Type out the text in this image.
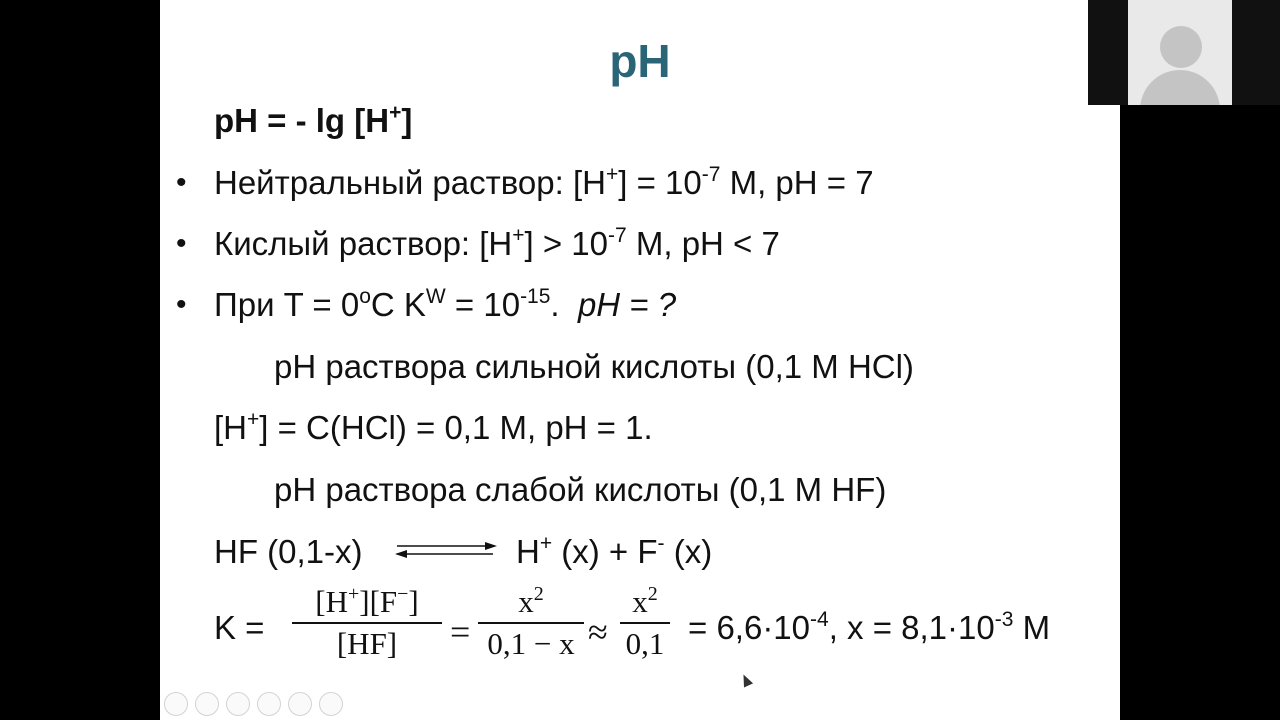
pH
pH = - lg [H+]
• Нейтральный раствор: $[H^+] = 10^{-7}$ M, pH = 7
• Кислый раствор: $[H^+] > 10^{-7}$ M, pH < 7
• При $T = 0^oC$ $K^W = 10^{-15}$.  pH = ?
pH раствора сильной кислоты (0,1 M HCl)
[H+] = C(HCl) = 0,1 M, pH = 1.
pH раствора слабой кислоты (0,1 M HF)
HF (0,1-x)	H+ (x) + F- (x)
K =
[H+][F−]
[HF]	=
$x^2$
0,1 − x ≈
$x^2$
$0,1 = 6,6\cdot 10^{-4}$, $x = 8,1\cdot 10^{-3}$ M
